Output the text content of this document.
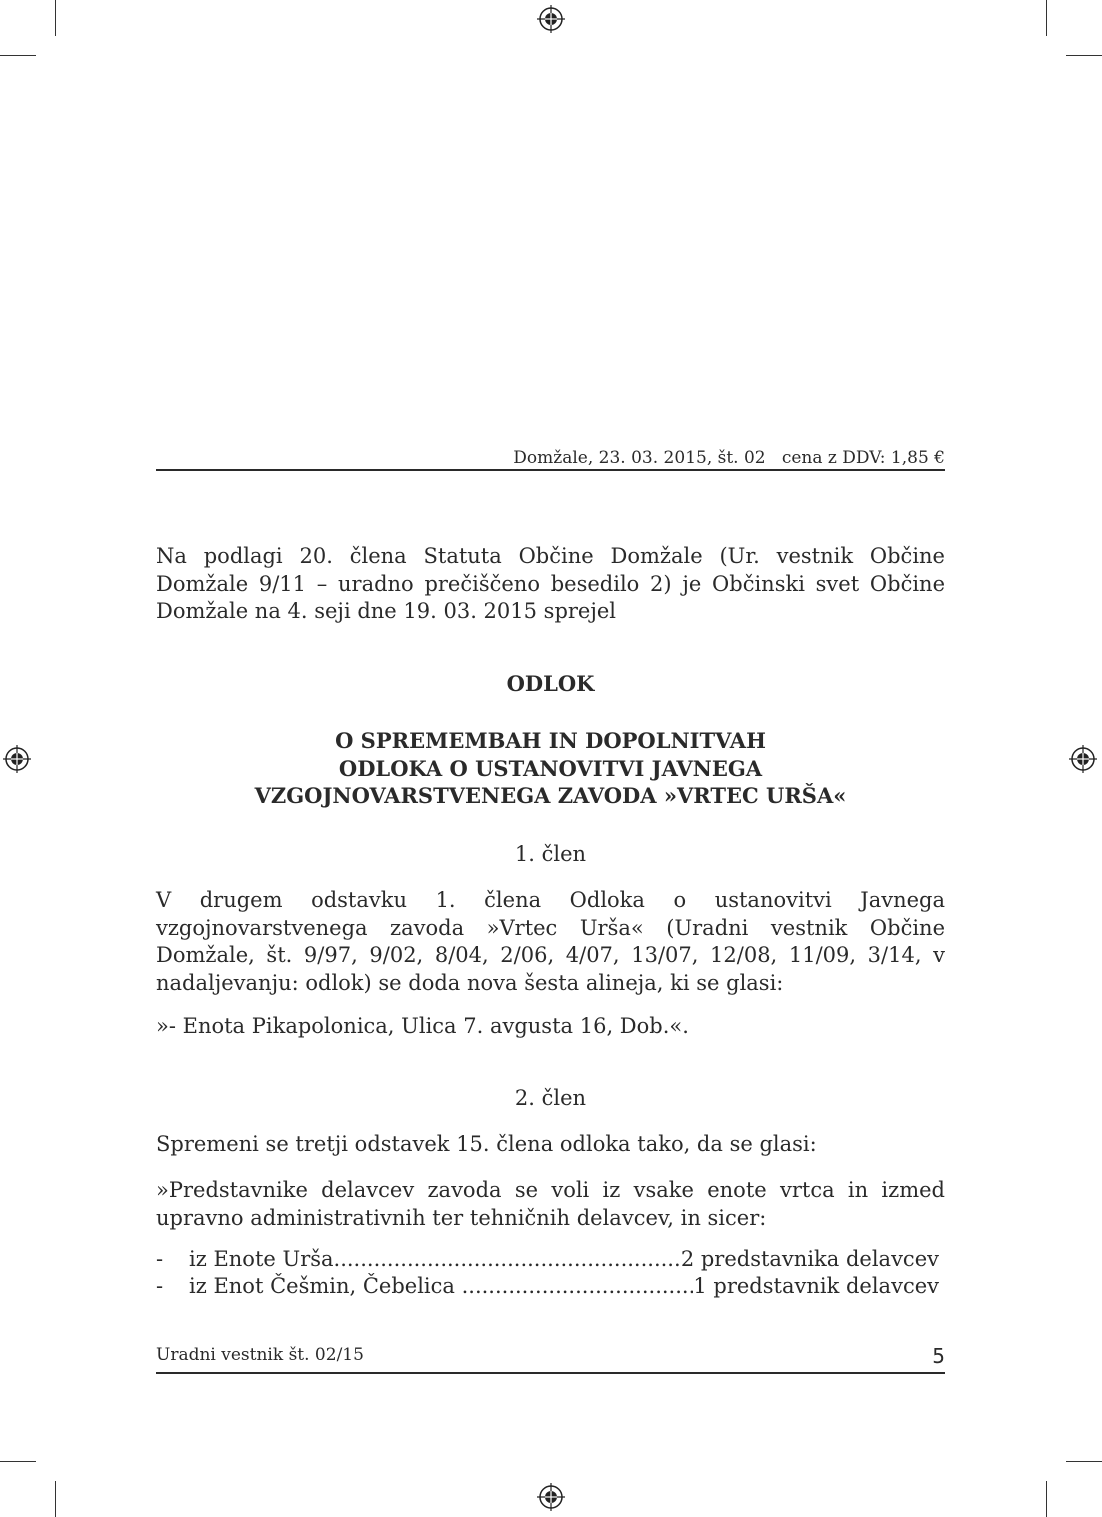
Domžale, 23. 03. 2015, št. 02   cena z DDV: 1,85 €

Na podlagi 20. člena Statuta Občine Domžale (Ur. vestnik Občine Domžale 9/11 – uradno prečiščeno besedilo 2) je Občinski svet Občine Domžale na 4. seji dne 19. 03. 2015 sprejel

ODLOK
O SPREMEMBAH IN DOPOLNITVAH
ODLOKA O USTANOVITVI JAVNEGA
VZGOJNOVARSTVENEGA ZAVODA »VRTEC URŠA«
1. člen

V drugem odstavku 1. člena Odloka o ustanovitvi Javnega vzgojnovarstvenega zavoda »Vrtec Urša« (Uradni vestnik Občine Domžale, št. 9/97, 9/02, 8/04, 2/06, 4/07, 13/07, 12/08, 11/09, 3/14, v nadaljevanju: odlok) se doda nova šesta alineja, ki se glasi:

»- Enota Pikapolonica, Ulica 7. avgusta 16, Dob.«.

2. člen

Spremeni se tretji odstavek 15. člena odloka tako, da se glasi:

»Predstavnike delavcev zavoda se voli iz vsake enote vrtca in izmed upravno administrativnih ter tehničnih delavcev, in sicer:

-	iz Enote Urša .....	2 predstavnika delavcev
-	iz Enot Češmin, Čebelica .....	1 predstavnik delavcev
Uradni vestnik št. 02/15	5
